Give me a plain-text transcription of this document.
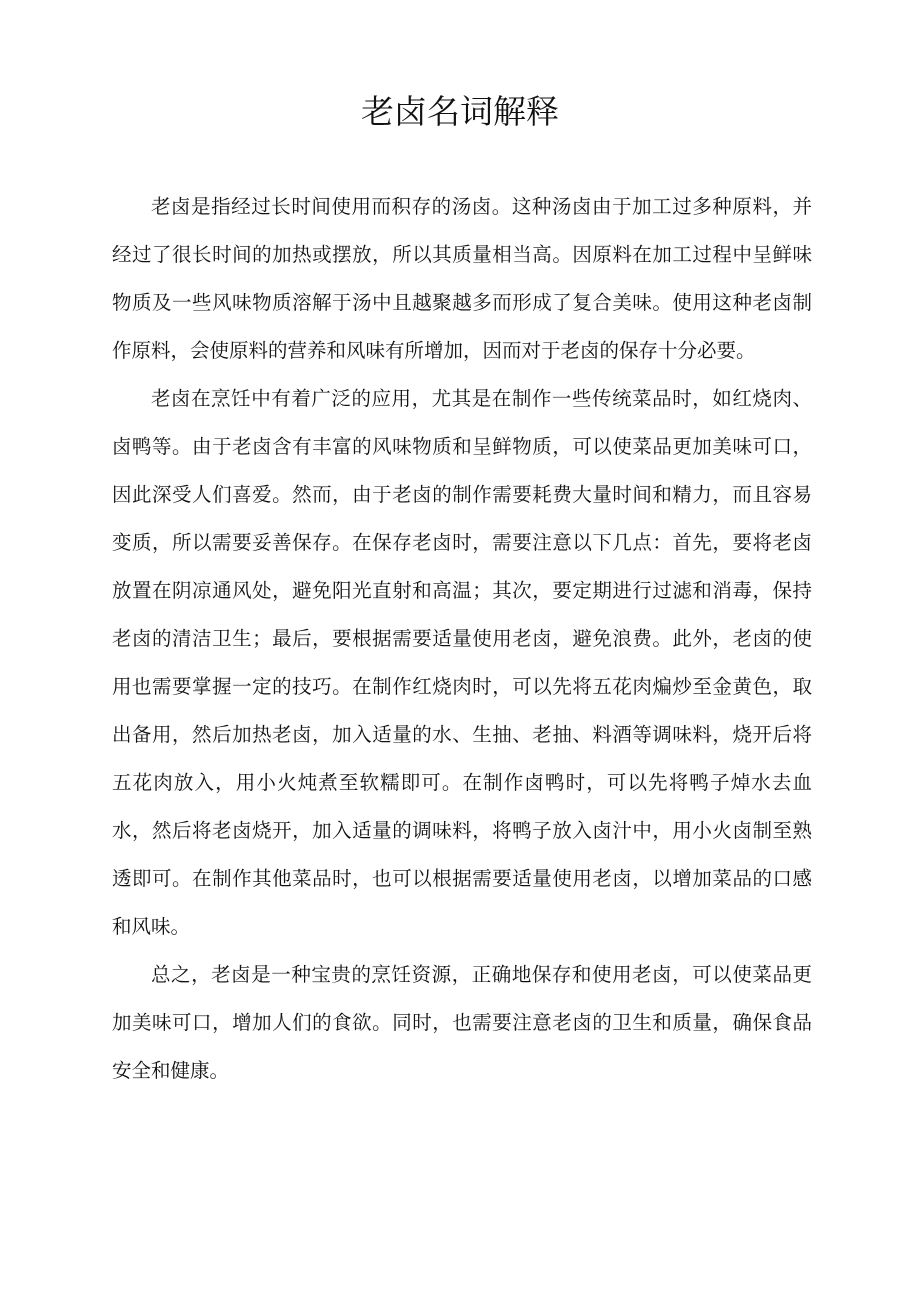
老卤名词解释

老卤是指经过长时间使用而积存的汤卤。这种汤卤由于加工过多种原料，并经过了很长时间的加热或摆放，所以其质量相当高。因原料在加工过程中呈鲜味物质及一些风味物质溶解于汤中且越聚越多而形成了复合美味。使用这种老卤制作原料，会使原料的营养和风味有所增加，因而对于老卤的保存十分必要。

老卤在烹饪中有着广泛的应用，尤其是在制作一些传统菜品时，如红烧肉、卤鸭等。由于老卤含有丰富的风味物质和呈鲜物质，可以使菜品更加美味可口，因此深受人们喜爱。然而，由于老卤的制作需要耗费大量时间和精力，而且容易变质，所以需要妥善保存。在保存老卤时，需要注意以下几点：首先，要将老卤放置在阴凉通风处，避免阳光直射和高温；其次，要定期进行过滤和消毒，保持老卤的清洁卫生；最后，要根据需要适量使用老卤，避免浪费。此外，老卤的使用也需要掌握一定的技巧。在制作红烧肉时，可以先将五花肉煸炒至金黄色，取出备用，然后加热老卤，加入适量的水、生抽、老抽、料酒等调味料，烧开后将五花肉放入，用小火炖煮至软糯即可。在制作卤鸭时，可以先将鸭子焯水去血水，然后将老卤烧开，加入适量的调味料，将鸭子放入卤汁中，用小火卤制至熟透即可。在制作其他菜品时，也可以根据需要适量使用老卤，以增加菜品的口感和风味。

总之，老卤是一种宝贵的烹饪资源，正确地保存和使用老卤，可以使菜品更加美味可口，增加人们的食欲。同时，也需要注意老卤的卫生和质量，确保食品安全和健康。
